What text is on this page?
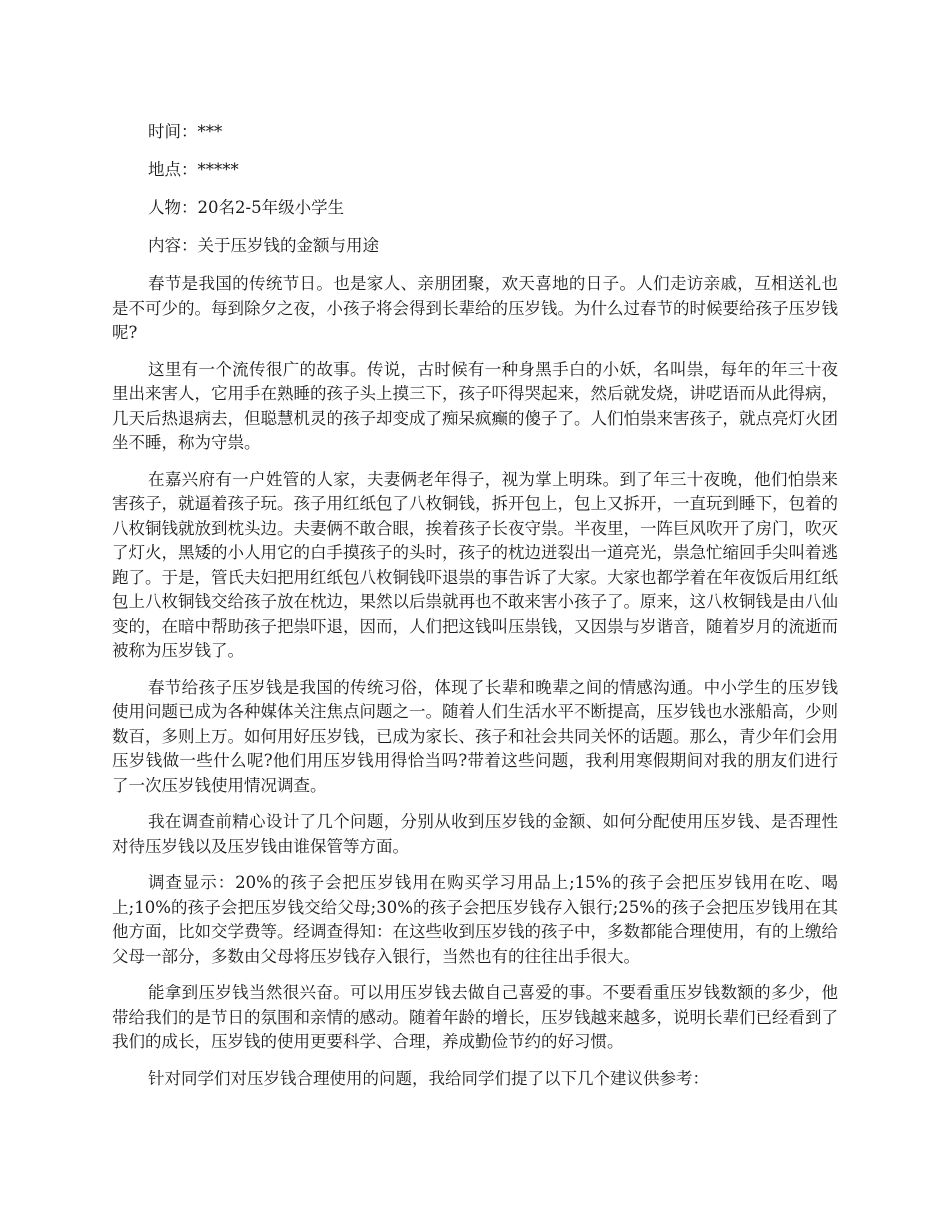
时间：***

地点：*****

人物：20名2-5年级小学生

内容：关于压岁钱的金额与用途

春节是我国的传统节日。也是家人、亲朋团聚，欢天喜地的日子。人们走访亲戚，互相送礼也是不可少的。每到除夕之夜，小孩子将会得到长辈给的压岁钱。为什么过春节的时候要给孩子压岁钱呢?

这里有一个流传很广的故事。传说，古时候有一种身黑手白的小妖，名叫祟，每年的年三十夜里出来害人，它用手在熟睡的孩子头上摸三下，孩子吓得哭起来，然后就发烧，讲呓语而从此得病，几天后热退病去，但聪慧机灵的孩子却变成了痴呆疯癫的傻子了。人们怕祟来害孩子，就点亮灯火团坐不睡，称为守祟。

在嘉兴府有一户姓管的人家，夫妻俩老年得子，视为掌上明珠。到了年三十夜晚，他们怕祟来害孩子，就逼着孩子玩。孩子用红纸包了八枚铜钱，拆开包上，包上又拆开，一直玩到睡下，包着的八枚铜钱就放到枕头边。夫妻俩不敢合眼，挨着孩子长夜守祟。半夜里，一阵巨风吹开了房门，吹灭了灯火，黑矮的小人用它的白手摸孩子的头时，孩子的枕边迸裂出一道亮光，祟急忙缩回手尖叫着逃跑了。于是，管氏夫妇把用红纸包八枚铜钱吓退祟的事告诉了大家。大家也都学着在年夜饭后用红纸包上八枚铜钱交给孩子放在枕边，果然以后祟就再也不敢来害小孩子了。原来，这八枚铜钱是由八仙变的，在暗中帮助孩子把祟吓退，因而，人们把这钱叫压祟钱，又因祟与岁谐音，随着岁月的流逝而被称为压岁钱了。

春节给孩子压岁钱是我国的传统习俗，体现了长辈和晚辈之间的情感沟通。中小学生的压岁钱使用问题已成为各种媒体关注焦点问题之一。随着人们生活水平不断提高，压岁钱也水涨船高，少则数百，多则上万。如何用好压岁钱，已成为家长、孩子和社会共同关怀的话题。那么，青少年们会用压岁钱做一些什么呢?他们用压岁钱用得恰当吗?带着这些问题，我利用寒假期间对我的朋友们进行了一次压岁钱使用情况调查。

我在调查前精心设计了几个问题，分别从收到压岁钱的金额、如何分配使用压岁钱、是否理性对待压岁钱以及压岁钱由谁保管等方面。

调查显示：20%的孩子会把压岁钱用在购买学习用品上;15%的孩子会把压岁钱用在吃、喝上;10%的孩子会把压岁钱交给父母;30%的孩子会把压岁钱存入银行;25%的孩子会把压岁钱用在其他方面，比如交学费等。经调查得知：在这些收到压岁钱的孩子中，多数都能合理使用，有的上缴给父母一部分，多数由父母将压岁钱存入银行，当然也有的往往出手很大。

能拿到压岁钱当然很兴奋。可以用压岁钱去做自己喜爱的事。不要看重压岁钱数额的多少，他带给我们的是节日的氛围和亲情的感动。随着年龄的增长，压岁钱越来越多，说明长辈们已经看到了我们的成长，压岁钱的使用更要科学、合理，养成勤俭节约的好习惯。

针对同学们对压岁钱合理使用的问题，我给同学们提了以下几个建议供参考：
